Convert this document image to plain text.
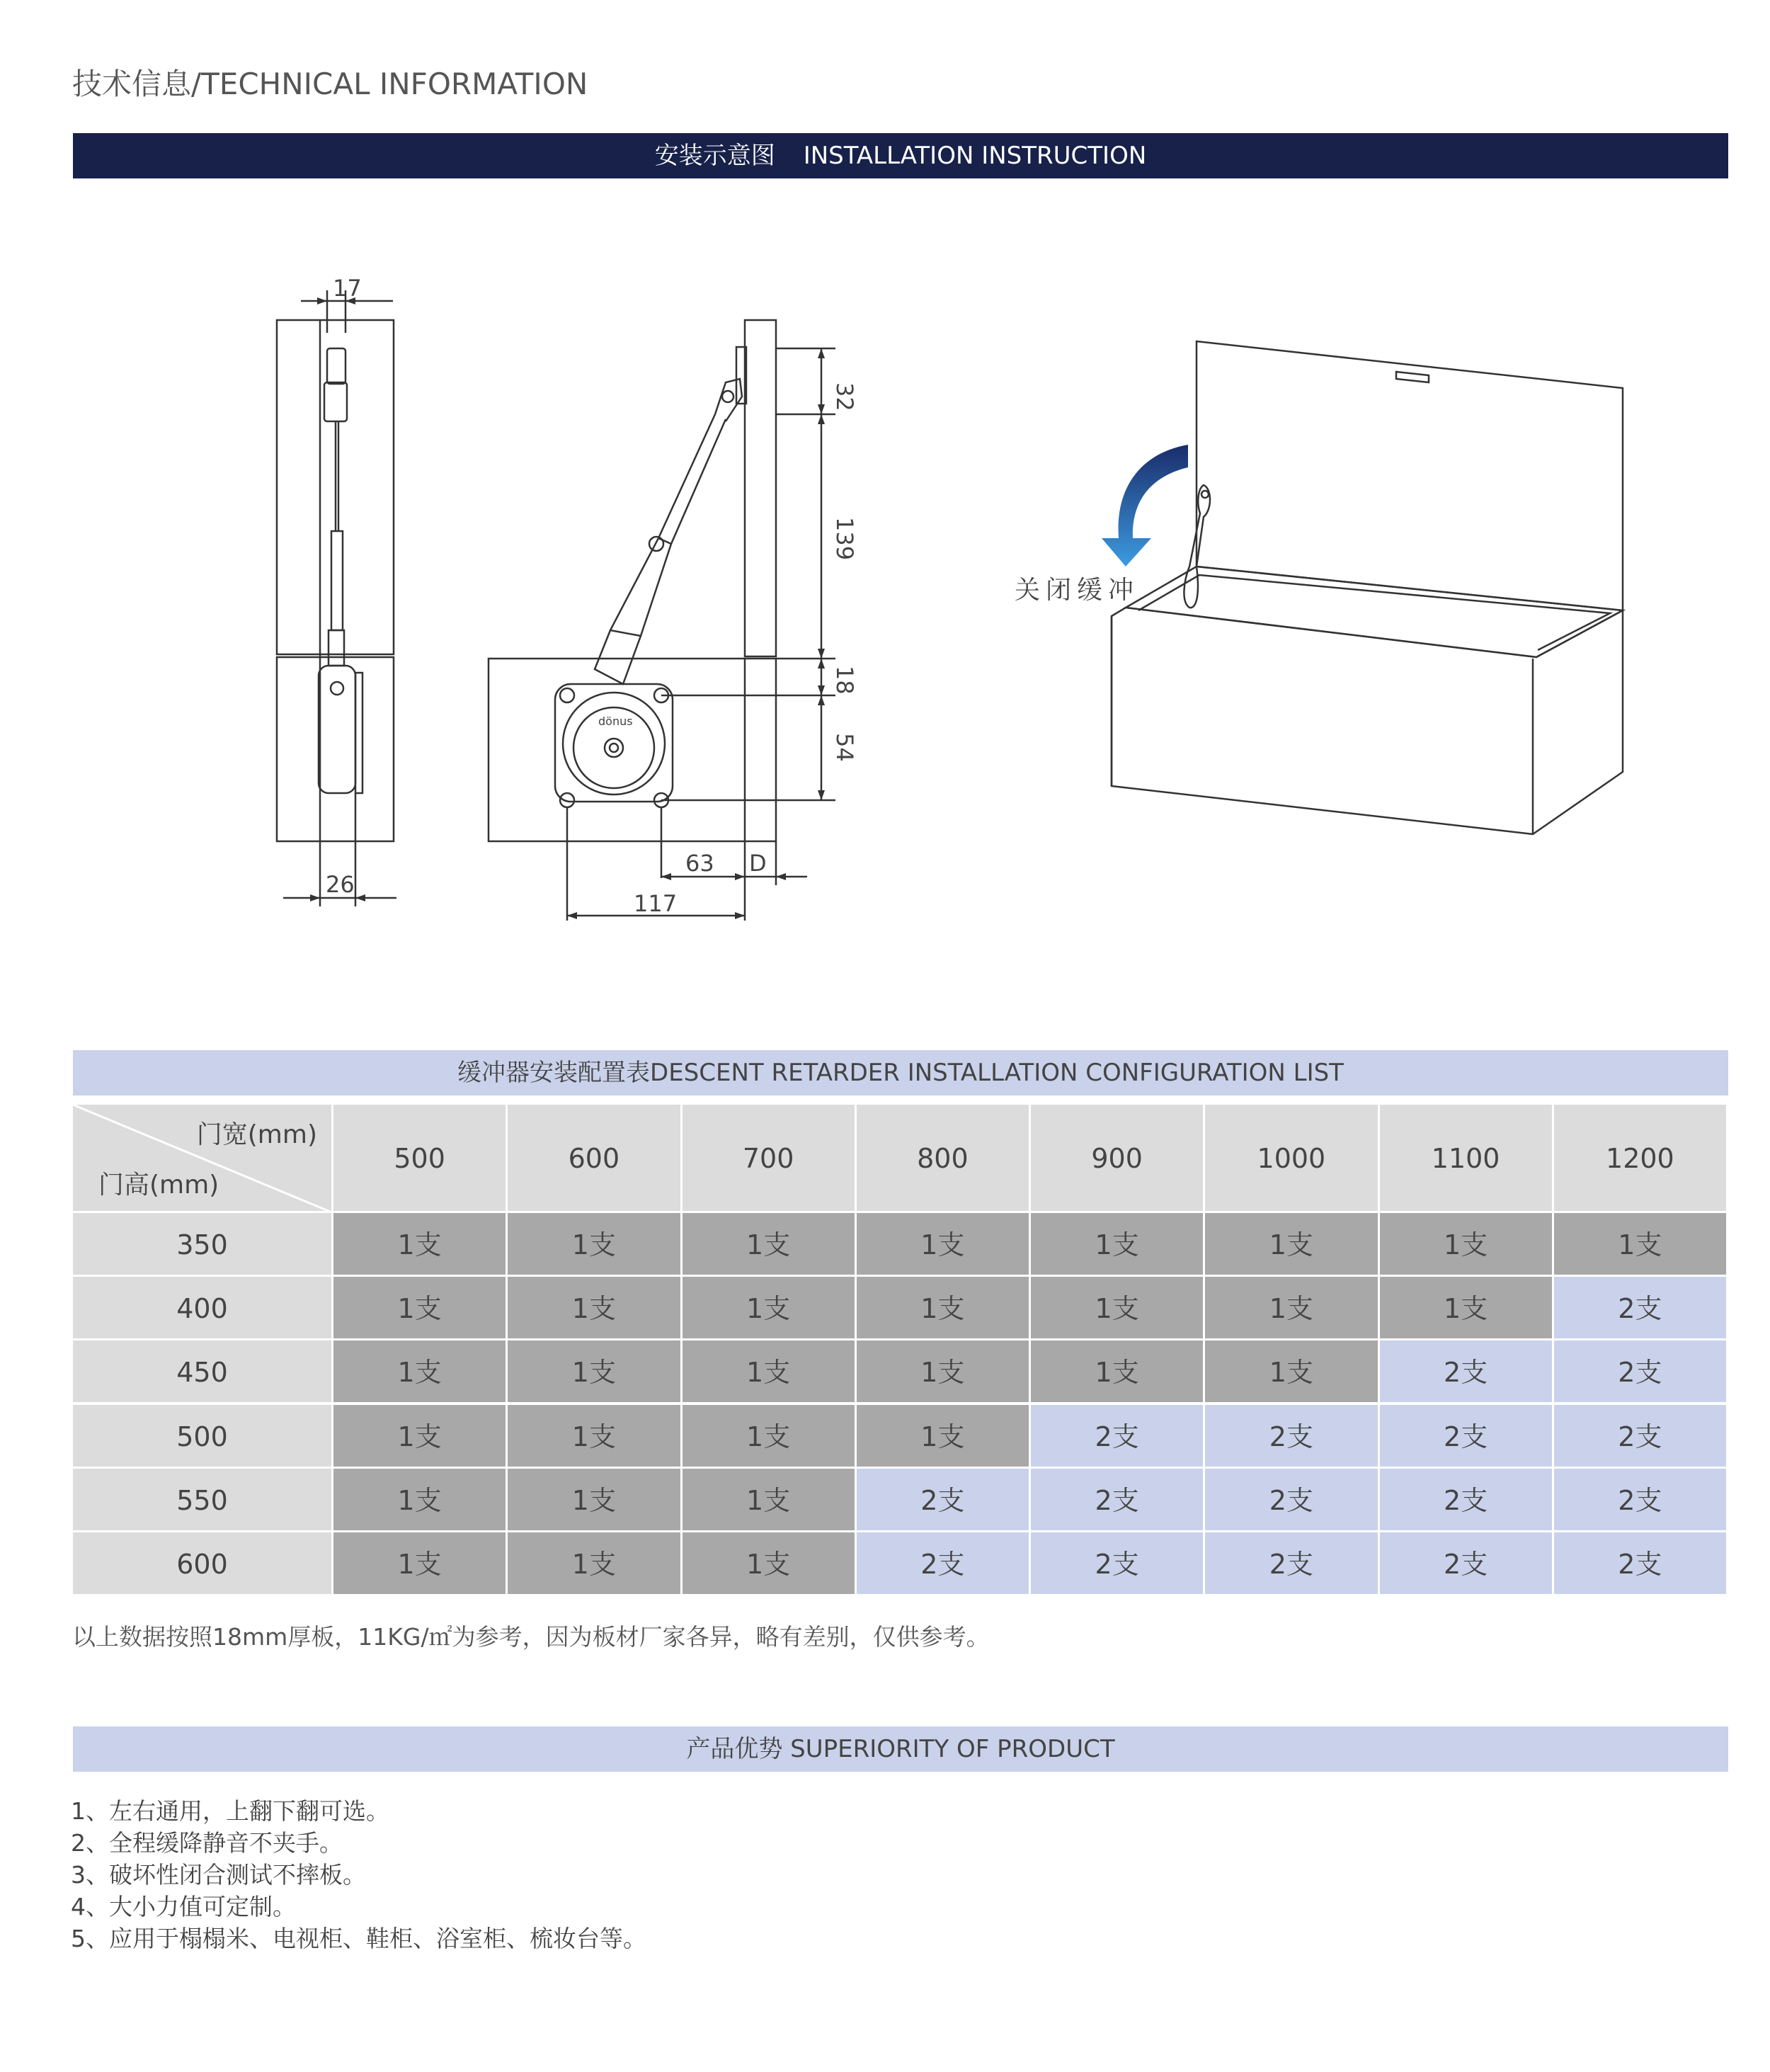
技术信息/TECHNICAL INFORMATION
安装示意图 INSTALLATION INSTRUCTION
17
26
32
139
18
54
63 D
117
dönus
关闭缓冲
缓冲器安装配置表DESCENT RETARDER INSTALLATION CONFIGURATION LIST
门宽(mm)
门高(mm)
500	600	700	800	900	1000	1100	1200
350	1支	1支	1支	1支	1支	1支	1支	1支
400	1支	1支	1支	1支	1支	1支	1支	2支
450	1支	1支	1支	1支	1支	1支	2支	2支
500	1支	1支	1支	1支	2支	2支	2支	2支
550	1支	1支	1支	2支	2支	2支	2支	2支
600	1支	1支	1支	2支	2支	2支	2支	2支
以上数据按照18mm厚板，11KG/㎡为参考，因为板材厂家各异，略有差别，仅供参考。
产品优势 SUPERIORITY OF PRODUCT
1、左右通用，上翻下翻可选。
2、全程缓降静音不夹手。
3、破坏性闭合测试不摔板。
4、大小力值可定制。
5、应用于榻榻米、电视柜、鞋柜、浴室柜、梳妆台等。
